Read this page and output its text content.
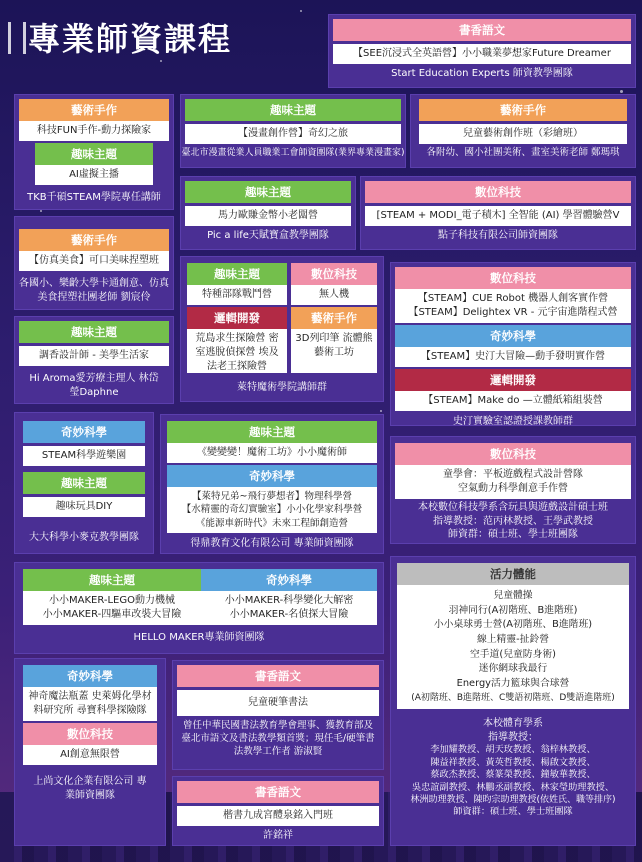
專業師資課程	書香語文
【SEE沉浸式全英語營】小小職業夢想家Future Dreamer
Start Education Experts 師資教學團隊
藝術手作
科技FUN手作-動力探險家
趣味主題
AI虛擬主播
TKB千碩STEAM學院專任講師
趣味主題
【漫畫創作營】奇幻之旅
臺北市漫畫從業人員職業工會師資團隊(業界專業漫畫家)
藝術手作
兒童藝術創作班（彩繪班）
各附幼、國小社團美術、畫室美術老師 鄭瑪琪
趣味主題
馬力歐賺金幣小老闆營
Pic a life天賦寶盒教學團隊
數位科技
[STEAM + MODI_電子積木] 全智能 (AI) 學習體驗營V
點子科技有限公司師資團隊
藝術手作
【仿真美食】可口美味捏塑班
各國小、樂齡大學卡通創意、仿真美食捏塑社團老師 劉宸伶
趣味主題	數位科技
特種部隊戰鬥營	無人機
邏輯開發	藝術手作
荒島求生探險營 密室逃脫偵探營 埃及法老王探險營
3D列印筆 流體熊藝術工坊
萊特魔術學院講師群
數位科技
【STEAM】CUE Robot 機器人創客實作營
【STEAM】Delightex VR - 元宇宙進階程式營
奇妙科學
【STEAM】史汀大冒險—動手發明實作營
邏輯開發
【STEAM】Make do —立體紙箱組裝營
史汀實驗室認證授課教師群
趣味主題
調香設計師 - 美學生活家
Hi Aroma愛芳療主理人 林岱瑩Daphne
奇妙科學
STEAM科學遊樂園
趣味主題
趣味玩具DIY
大大科學小麥克教學團隊
趣味主題
《變變變！魔術工坊》小小魔術師
奇妙科學
【萊特兄弟~飛行夢想者】物理科學營
【水精靈的奇幻實驗室】小小化學家科學營
《能源車新時代》未來工程師創造營
得鼎教育文化有限公司 專業師資團隊
數位科技
童學會：平板遊戲程式設計營隊
空氣動力科學創意手作營
本校數位科技學系含玩具與遊戲設計碩士班
指導教授：范丙林教授、王學武教授
師資群：碩士班、學士班團隊
趣味主題	奇妙科學
小小MAKER-LEGO動力機械
小小MAKER-四驅車改裝大冒險
小小MAKER-科學變化大解密
小小MAKER-名偵探大冒險
HELLO MAKER專業師資團隊
活力體能
兒童體操
羽神同行(A初階班、B進階班)
小小桌球勇士營(A初階班、B進階班)
線上精靈-扯鈴營
空手道(兒童防身術)
迷你網球我最行
Energy活力籃球與合球營
(A初階班、B進階班、C雙語初階班、D雙語進階班)
本校體育學系
指導教授：
李加耀教授、胡天玫教授、翁梓林教授、
陳益祥教授、黃英哲教授、楊啟文教授、
蔡政杰教授、蔡篆榮教授、鐘敏華教授、
吳忠誼副教授、林鵬丞副教授、林家瑩助理教授、
林洲助理教授、陳昀宗助理教授(依姓氏、職等排序)
師資群：碩士班、學士班團隊
奇妙科學
神奇魔法瓶蓋 史萊姆化學材料研究所 尋寶科學探險隊
數位科技
AI創意無限營
上尚文化企業有限公司 專業師資團隊
書香語文
兒童硬筆書法
曾任中華民國書法教育學會理事、獲教育部及臺北市語文及書法教學類首獎；現任毛/硬筆書法教學工作者 游淑賢
書香語文
楷書九成宮醴泉銘入門班
許銘祥
